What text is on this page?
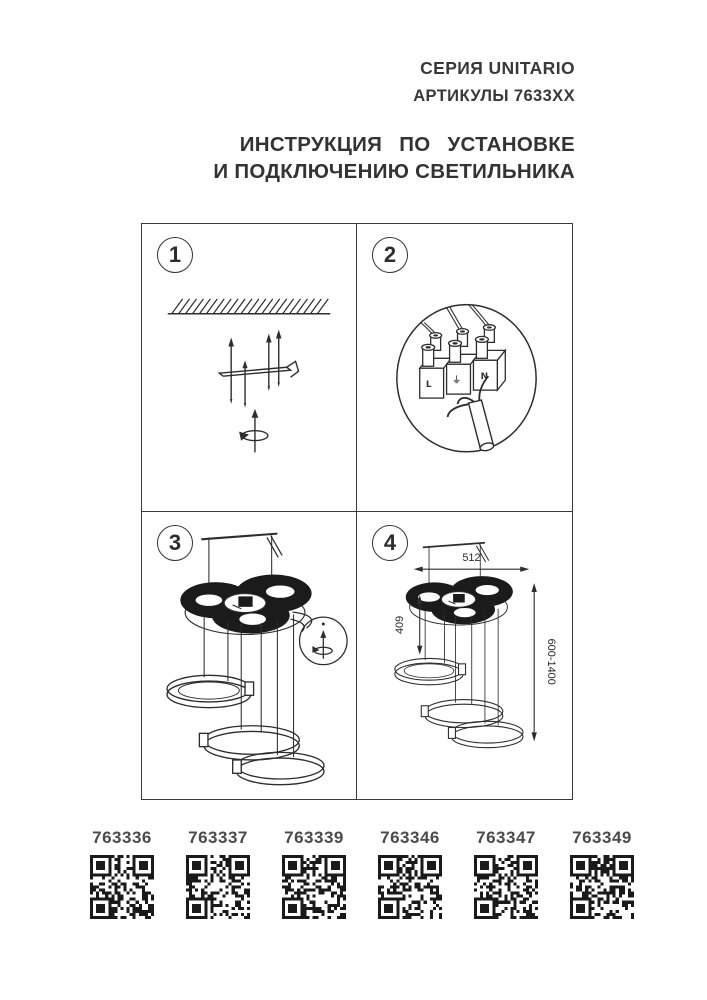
СЕРИЯ UNITARIO
АРТИКУЛЫ 7633ХХ
ИНСТРУКЦИЯ ПО УСТАНОВКЕ
И ПОДКЛЮЧЕНИЮ СВЕТИЛЬНИКА
1	2
L ⏚ N
3	4
512
409
600-1400
763336 763337 763339 763346 763347 763349
